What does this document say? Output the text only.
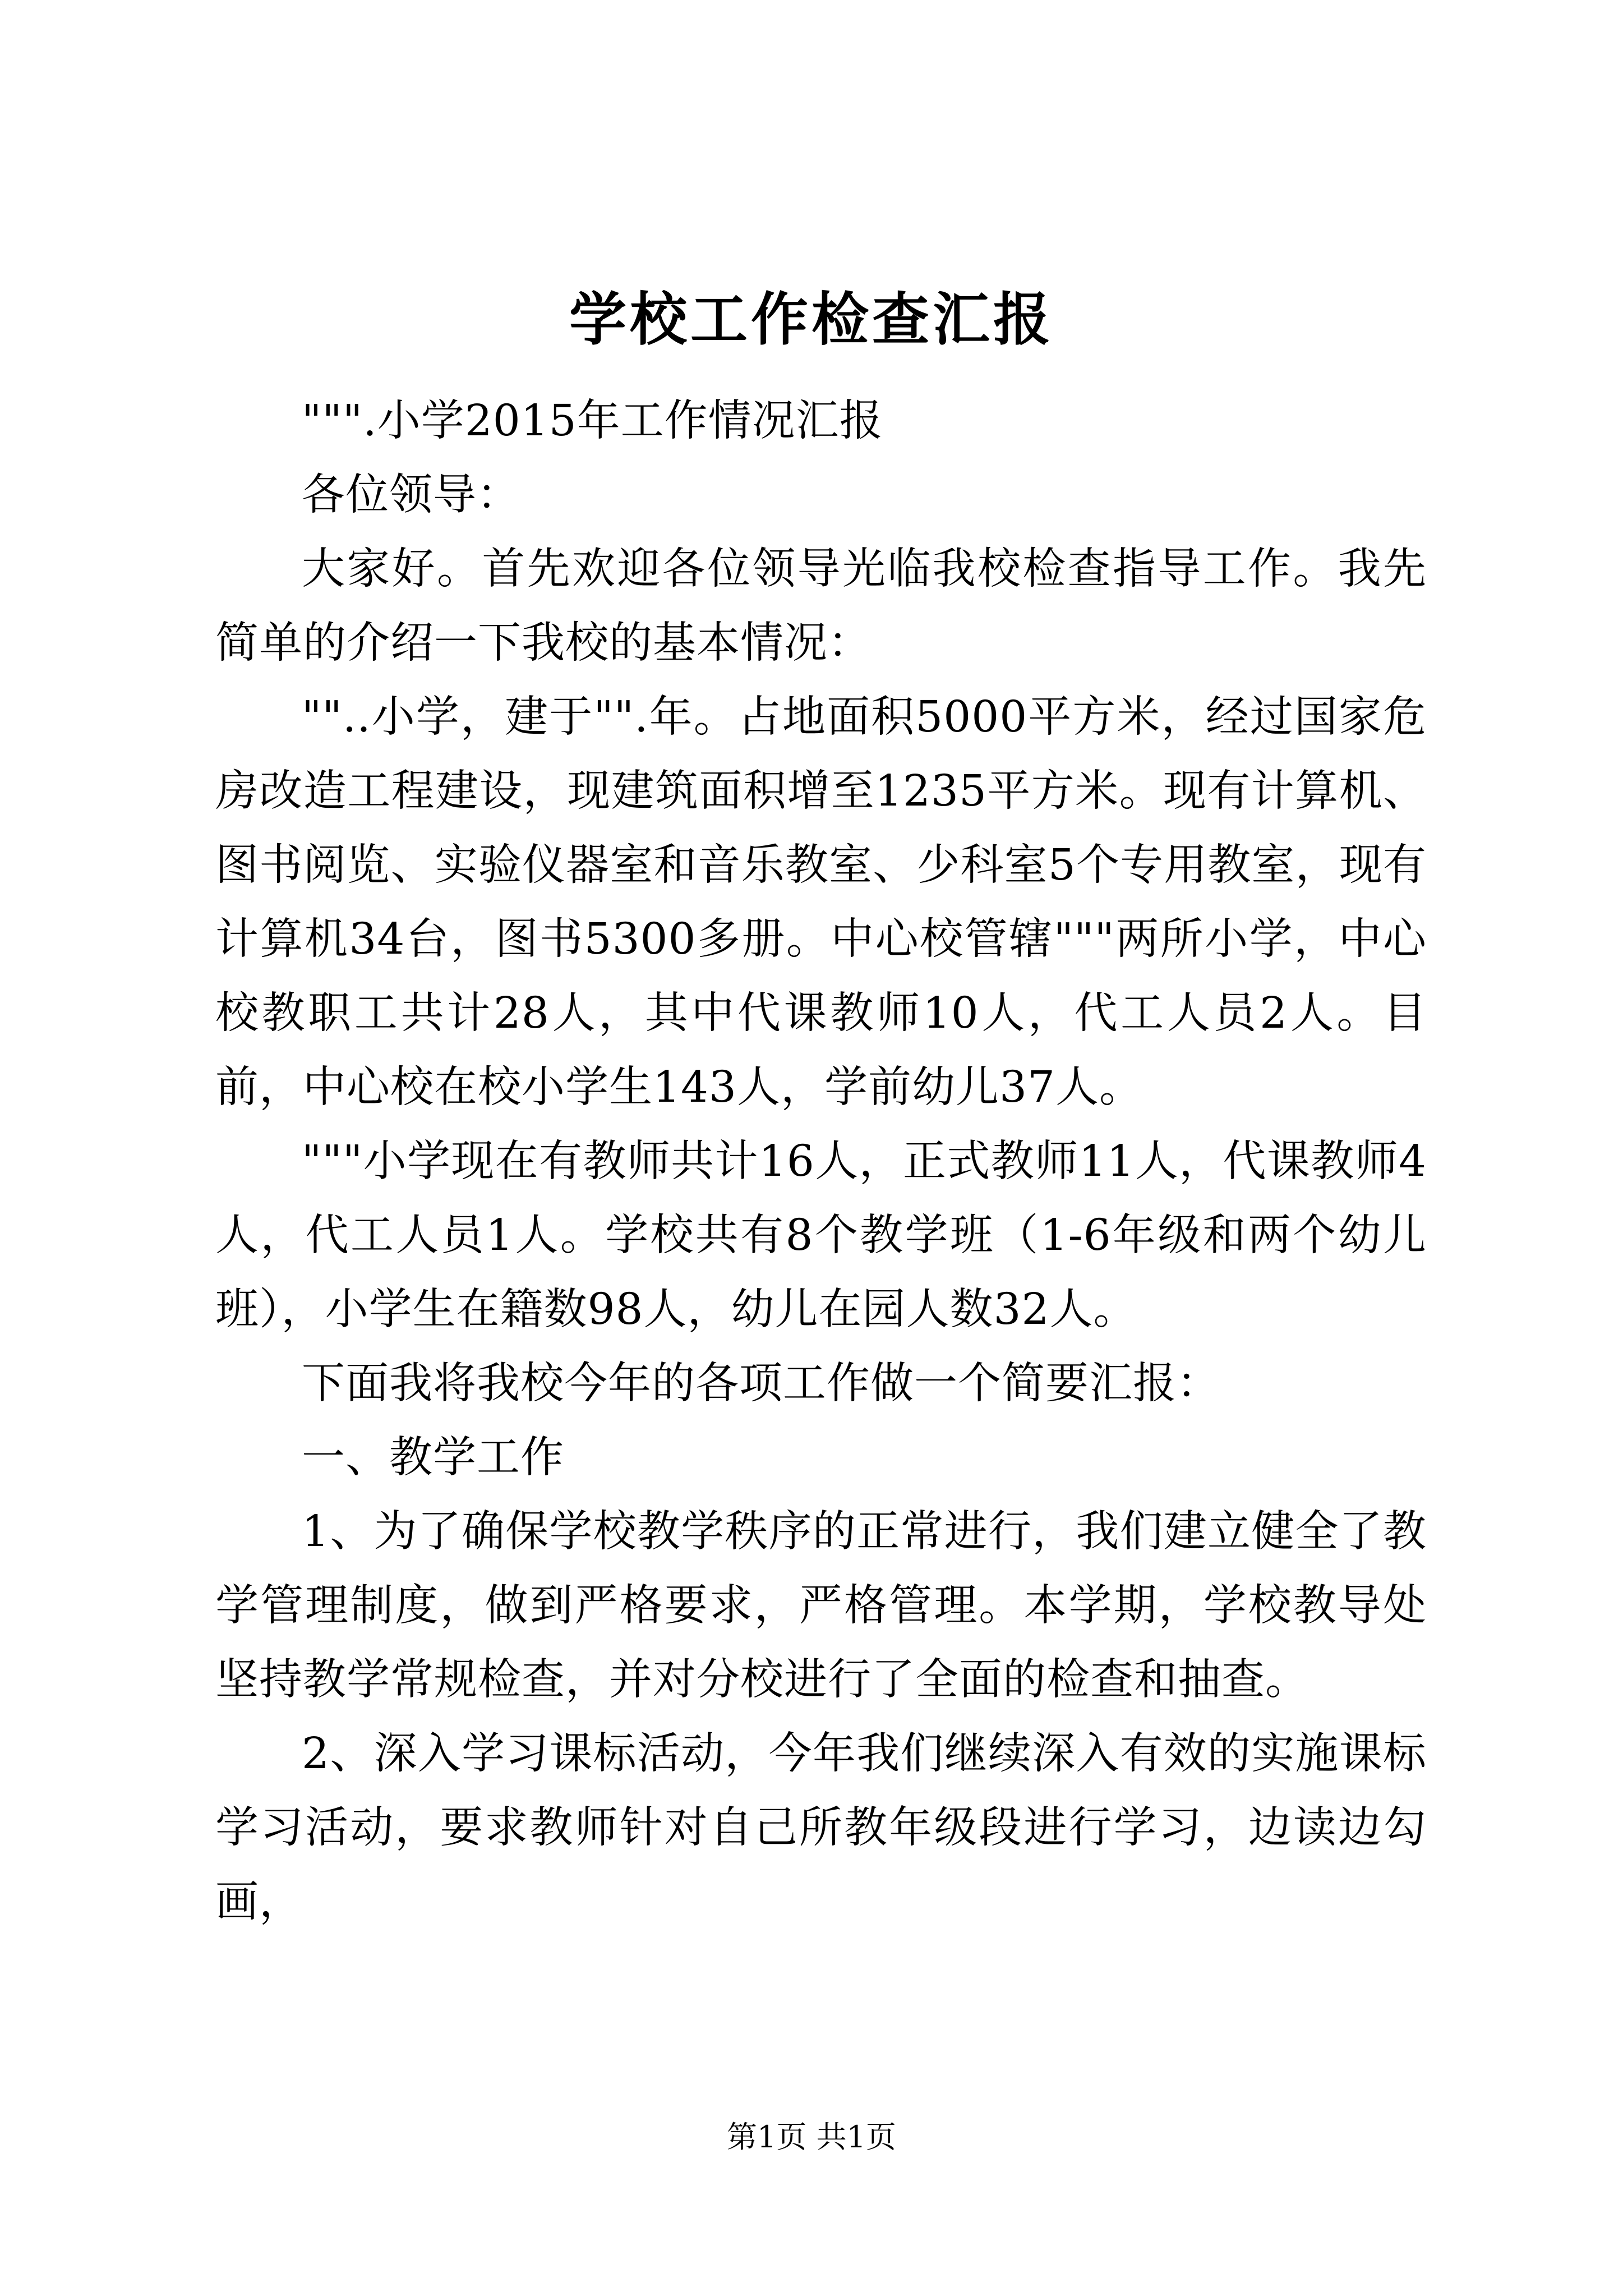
学校工作检查汇报

""".小学2015年工作情况汇报

各位领导：

大家好。首先欢迎各位领导光临我校检查指导工作。我先简单的介绍一下我校的基本情况：

""..小学，建于"".年。占地面积5000平方米，经过国家危房改造工程建设，现建筑面积增至1235平方米。现有计算机、图书阅览、实验仪器室和音乐教室、少科室5个专用教室，现有计算机34台，图书5300多册。中心校管辖"""两所小学，中心校教职工共计28人，其中代课教师10人，代工人员2人。目前，中心校在校小学生143人，学前幼儿37人。

"""小学现在有教师共计16人，正式教师11人，代课教师4人，代工人员1人。学校共有8个教学班（1-6年级和两个幼儿班），小学生在籍数98人，幼儿在园人数32人。

下面我将我校今年的各项工作做一个简要汇报：

一、教学工作

1、为了确保学校教学秩序的正常进行，我们建立健全了教学管理制度，做到严格要求，严格管理。本学期，学校教导处坚持教学常规检查，并对分校进行了全面的检查和抽查。

2、深入学习课标活动，今年我们继续深入有效的实施课标学习活动，要求教师针对自己所教年级段进行学习，边读边勾画，

第1页 共1页
